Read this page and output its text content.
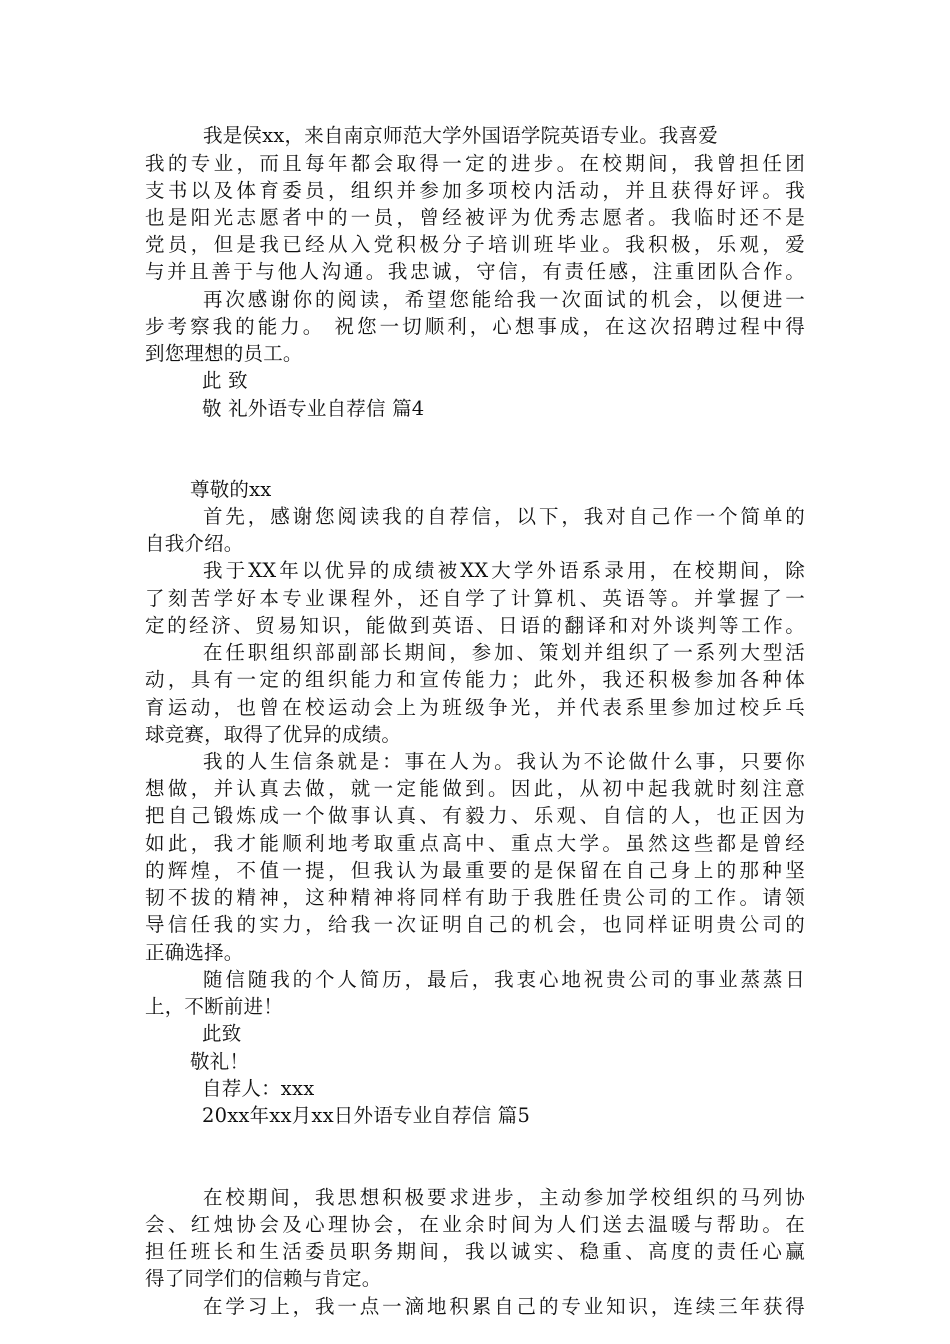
我是侯xx，来自南京师范大学外国语学院英语专业。我喜爱
我的专业，而且每年都会取得一定的进步。在校期间，我曾担任团
支书以及体育委员，组织并参加多项校内活动，并且获得好评。我
也是阳光志愿者中的一员，曾经被评为优秀志愿者。我临时还不是
党员，但是我已经从入党积极分子培训班毕业。我积极，乐观，爱
与并且善于与他人沟通。我忠诚，守信，有责任感，注重团队合作。
再次感谢你的阅读，希望您能给我一次面试的机会，以便进一
步考察我的能力。 祝您一切顺利，心想事成，在这次招聘过程中得
到您理想的员工。
此 致
敬 礼外语专业自荐信 篇4
尊敬的xx
首先，感谢您阅读我的自荐信，以下，我对自己作一个简单的
自我介绍。
我于XX年以优异的成绩被XX大学外语系录用，在校期间，除
了刻苦学好本专业课程外，还自学了计算机、英语等。并掌握了一
定的经济、贸易知识，能做到英语、日语的翻译和对外谈判等工作。
在任职组织部副部长期间，参加、策划并组织了一系列大型活
动，具有一定的组织能力和宣传能力；此外，我还积极参加各种体
育运动，也曾在校运动会上为班级争光，并代表系里参加过校乒乓
球竞赛，取得了优异的成绩。
我的人生信条就是：事在人为。我认为不论做什么事，只要你
想做，并认真去做，就一定能做到。因此，从初中起我就时刻注意
把自己锻炼成一个做事认真、有毅力、乐观、自信的人，也正因为
如此，我才能顺利地考取重点高中、重点大学。虽然这些都是曾经
的辉煌，不值一提，但我认为最重要的是保留在自己身上的那种坚
韧不拔的精神，这种精神将同样有助于我胜任贵公司的工作。请领
导信任我的实力，给我一次证明自己的机会，也同样证明贵公司的
正确选择。
随信随我的个人简历，最后，我衷心地祝贵公司的事业蒸蒸日
上，不断前进！
此致
敬礼！
自荐人：xxx
20xx年xx月xx日外语专业自荐信 篇5
在校期间，我思想积极要求进步，主动参加学校组织的马列协
会、红烛协会及心理协会，在业余时间为人们送去温暖与帮助。在
担任班长和生活委员职务期间，我以诚实、稳重、高度的责任心赢
得了同学们的信赖与肯定。
在学习上，我一点一滴地积累自己的专业知识，连续三年获得
